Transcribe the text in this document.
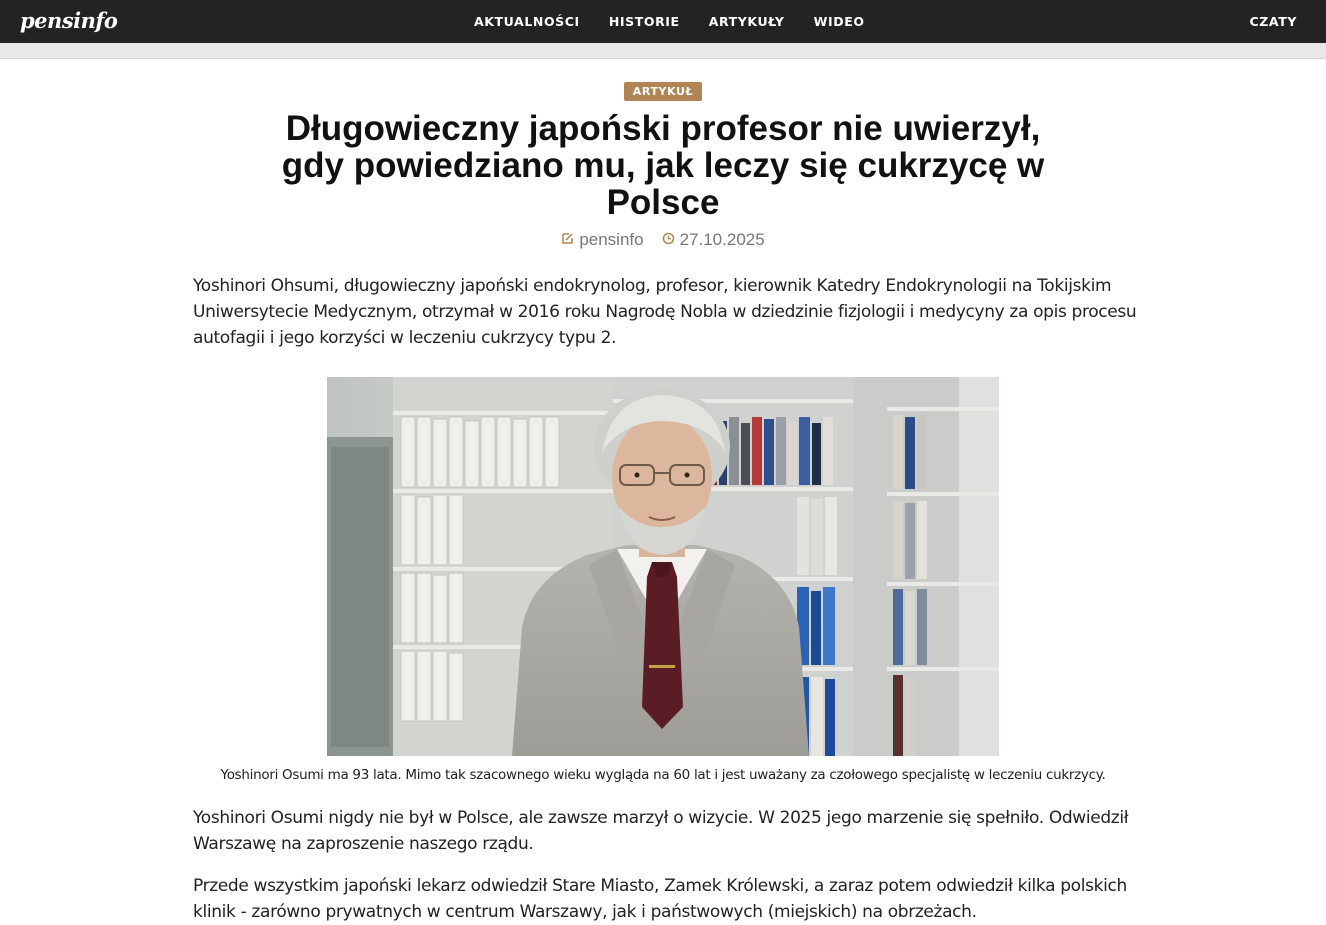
pensinfo	AKTUALNOŚCI HISTORIE ARTYKUŁY WIDEO	CZATY
ARTYKUŁ
Długowieczny japoński profesor nie uwierzył, gdy powiedziano mu, jak leczy się cukrzycę w Polsce
pensinfo 27.10.2025

Yoshinori Ohsumi, długowieczny japoński endokrynolog, profesor, kierownik Katedry Endokrynologii na Tokijskim Uniwersytecie Medycznym, otrzymał w 2016 roku Nagrodę Nobla w dziedzinie fizjologii i medycyny za opis procesu autofagii i jego korzyści w leczeniu cukrzycy typu 2.

Yoshinori Osumi ma 93 lata. Mimo tak szacownego wieku wygląda na 60 lat i jest uważany za czołowego specjalistę w leczeniu cukrzycy.

Yoshinori Osumi nigdy nie był w Polsce, ale zawsze marzył o wizycie. W 2025 jego marzenie się spełniło. Odwiedził Warszawę na zaproszenie naszego rządu.

Przede wszystkim japoński lekarz odwiedził Stare Miasto, Zamek Królewski, a zaraz potem odwiedził kilka polskich klinik - zarówno prywatnych w centrum Warszawy, jak i państwowych (miejskich) na obrzeżach.
